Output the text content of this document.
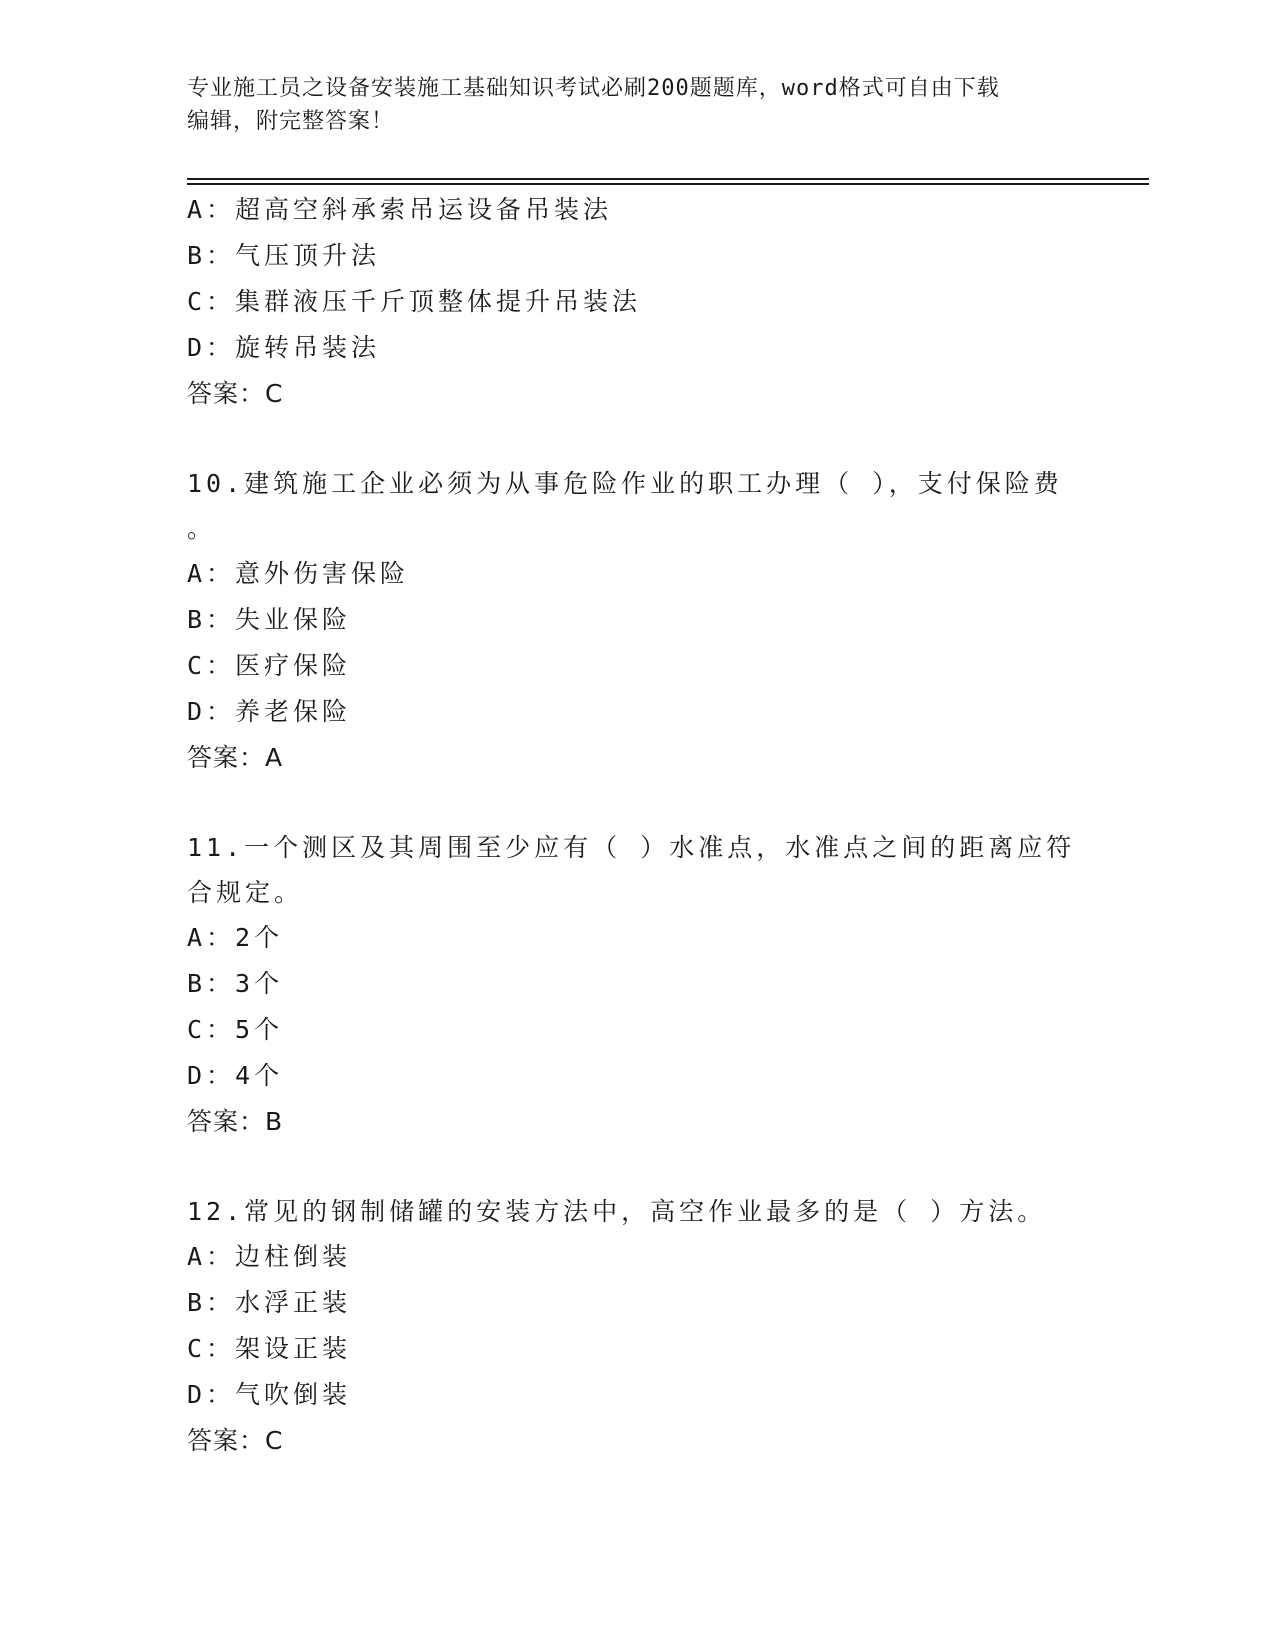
专业施工员之设备安装施工基础知识考试必刷200题题库，word格式可自由下载
编辑，附完整答案！
A：超高空斜承索吊运设备吊装法
B：气压顶升法
C：集群液压千斤顶整体提升吊装法
D：旋转吊装法
答案：C
10.建筑施工企业必须为从事危险作业的职工办理（ ），支付保险费
。
A：意外伤害保险
B：失业保险
C：医疗保险
D：养老保险
答案：A
11.一个测区及其周围至少应有（ ）水准点，水准点之间的距离应符
合规定。
A：2个
B：3个
C：5个
D：4个
答案：B
12.常见的钢制储罐的安装方法中，高空作业最多的是（ ）方法。
A：边柱倒装
B：水浮正装
C：架设正装
D：气吹倒装
答案：C
